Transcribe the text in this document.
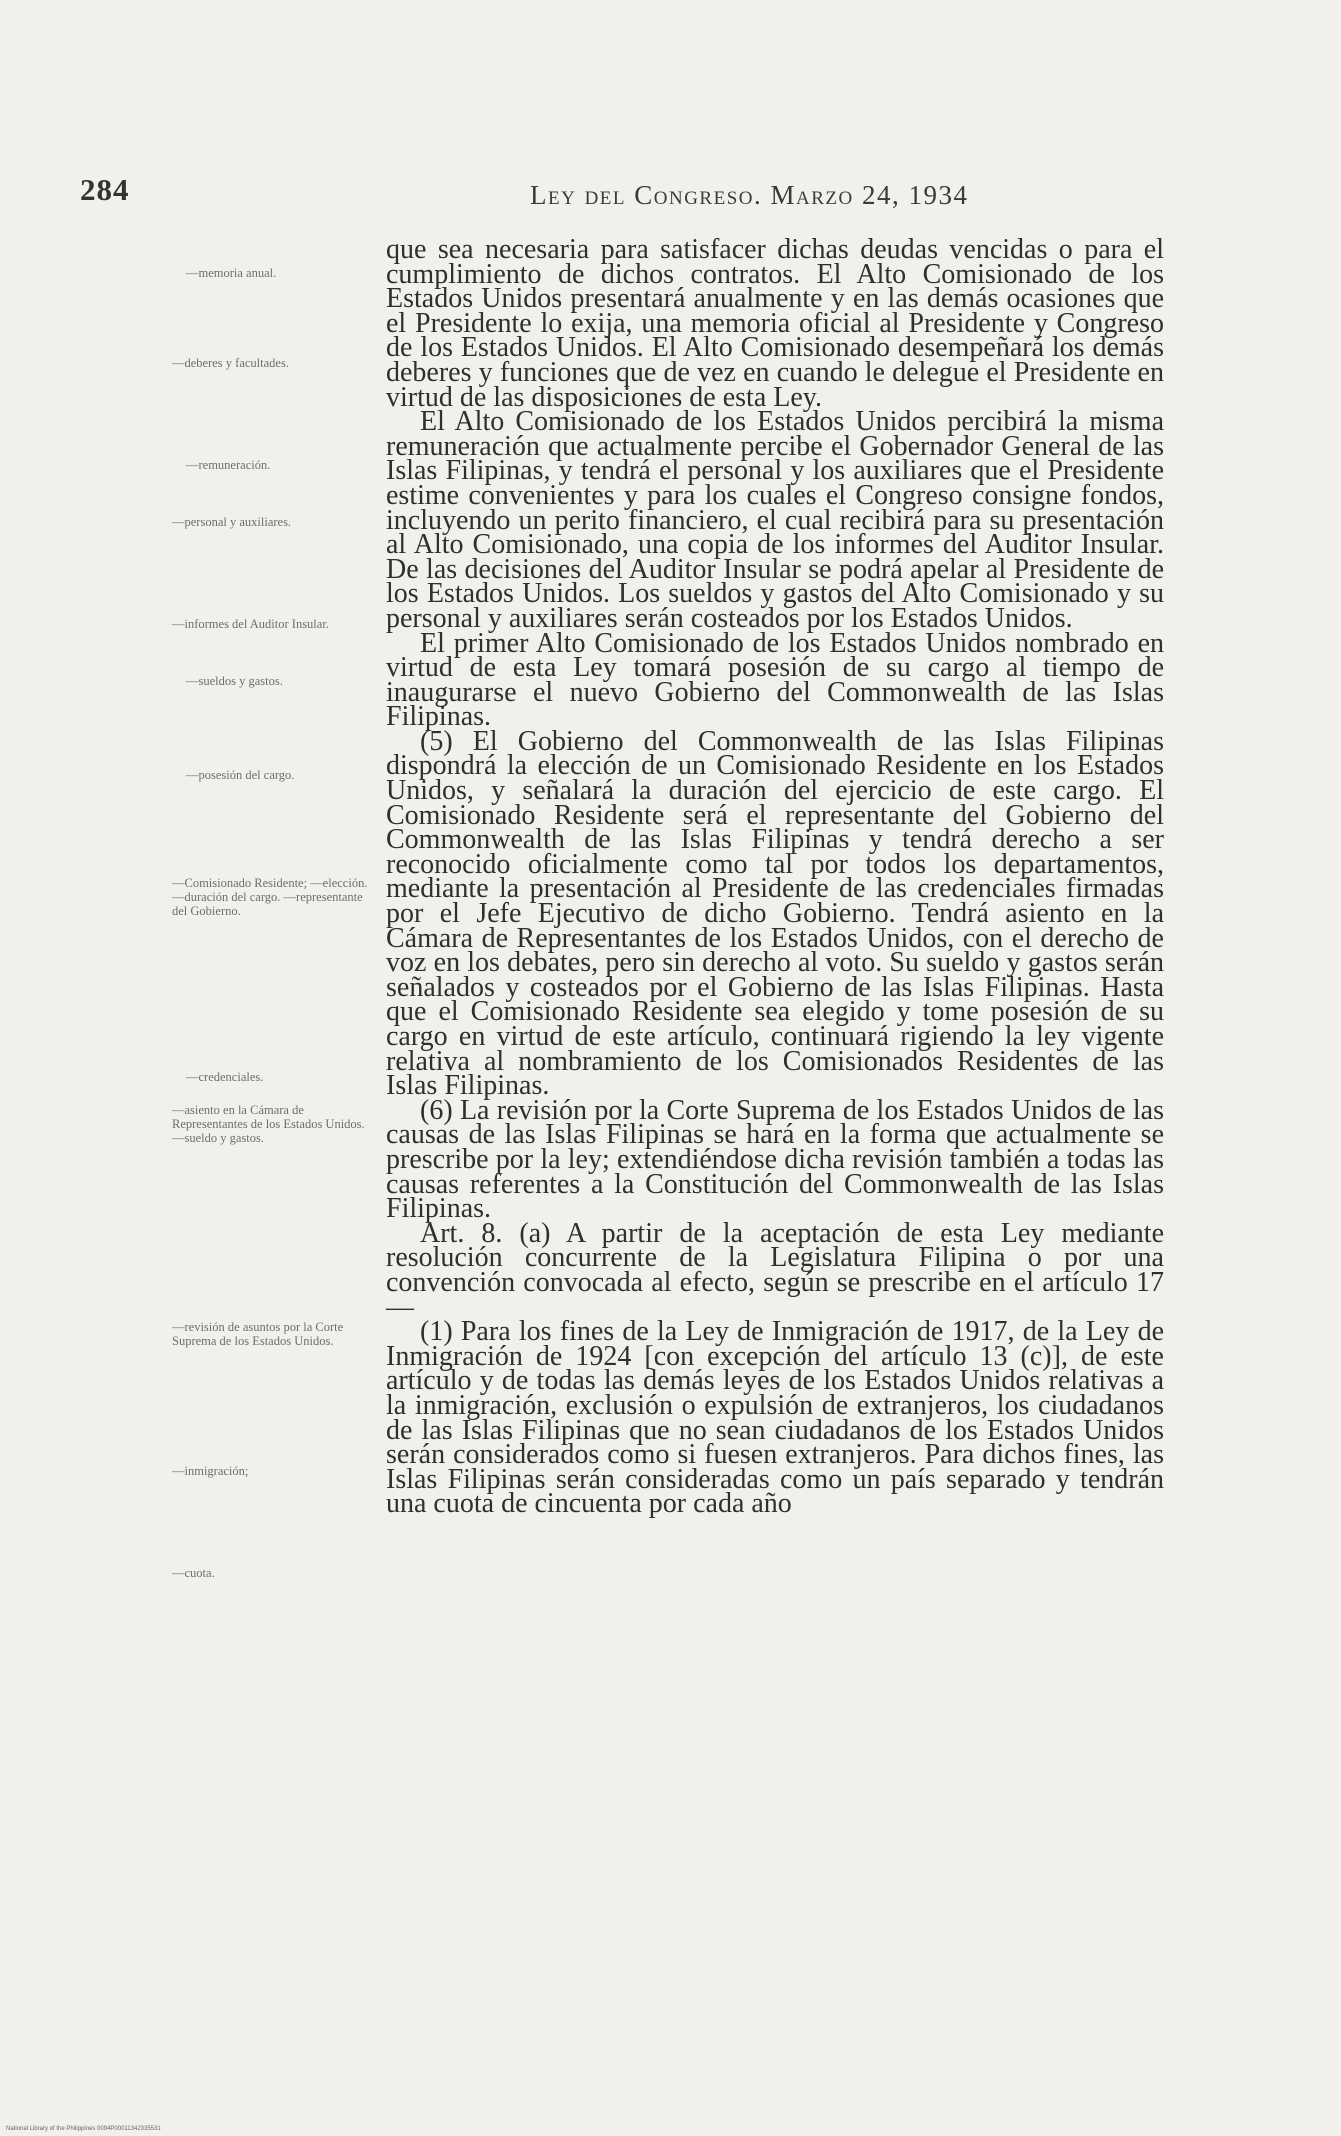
284	Ley del Congreso. Marzo 24, 1934
—memoria anual.
—deberes y facultades.
—remuneración.
—personal y auxiliares.
—informes del Auditor Insular.
—sueldos y gastos.
—posesión del cargo.
—Comisionado Residente; —elección. —duración del cargo. —representante del Gobierno.
—credenciales.
—asiento en la Cámara de Representantes de los Estados Unidos. —sueldo y gastos.
—revisión de asuntos por la Corte Suprema de los Estados Unidos.
—inmigración;
—cuota.

que sea necesaria para satisfacer dichas deudas vencidas o para el cumplimiento de dichos contratos. El Alto Comisionado de los Estados Unidos presentará anualmente y en las demás ocasiones que el Presidente lo exija, una memoria oficial al Presidente y Congreso de los Estados Unidos. El Alto Comisionado desempeñará los demás deberes y funciones que de vez en cuando le delegue el Presidente en virtud de las disposiciones de esta Ley.

El Alto Comisionado de los Estados Unidos percibirá la misma remuneración que actualmente percibe el Gobernador General de las Islas Filipinas, y tendrá el personal y los auxiliares que el Presidente estime convenientes y para los cuales el Congreso consigne fondos, incluyendo un perito financiero, el cual recibirá para su presentación al Alto Comisionado, una copia de los informes del Auditor Insular. De las decisiones del Auditor Insular se podrá apelar al Presidente de los Estados Unidos. Los sueldos y gastos del Alto Comisionado y su personal y auxiliares serán costeados por los Estados Unidos.

El primer Alto Comisionado de los Estados Unidos nombrado en virtud de esta Ley tomará posesión de su cargo al tiempo de inaugurarse el nuevo Gobierno del Commonwealth de las Islas Filipinas.

(5) El Gobierno del Commonwealth de las Islas Filipinas dispondrá la elección de un Comisionado Residente en los Estados Unidos, y señalará la duración del ejercicio de este cargo. El Comisionado Residente será el representante del Gobierno del Commonwealth de las Islas Filipinas y tendrá derecho a ser reconocido oficialmente como tal por todos los departamentos, mediante la presentación al Presidente de las credenciales firmadas por el Jefe Ejecutivo de dicho Gobierno. Tendrá asiento en la Cámara de Representantes de los Estados Unidos, con el derecho de voz en los debates, pero sin derecho al voto. Su sueldo y gastos serán señalados y costeados por el Gobierno de las Islas Filipinas. Hasta que el Comisionado Residente sea elegido y tome posesión de su cargo en virtud de este artículo, continuará rigiendo la ley vigente relativa al nombramiento de los Comisionados Residentes de las Islas Filipinas.

(6) La revisión por la Corte Suprema de los Estados Unidos de las causas de las Islas Filipinas se hará en la forma que actualmente se prescribe por la ley; extendiéndose dicha revisión también a todas las causas referentes a la Constitución del Commonwealth de las Islas Filipinas.

Art. 8. (a) A partir de la aceptación de esta Ley mediante resolución concurrente de la Legislatura Filipina o por una convención convocada al efecto, según se prescribe en el artículo 17—

(1) Para los fines de la Ley de Inmigración de 1917, de la Ley de Inmigración de 1924 [con excepción del artículo 13 (c)], de este artículo y de todas las demás leyes de los Estados Unidos relativas a la inmigración, exclusión o expulsión de extranjeros, los ciudadanos de las Islas Filipinas que no sean ciudadanos de los Estados Unidos serán considerados como si fuesen extranjeros. Para dichos fines, las Islas Filipinas serán consideradas como un país separado y tendrán una cuota de cincuenta por cada año

National Library of the Philippines 0094P00011342335531
